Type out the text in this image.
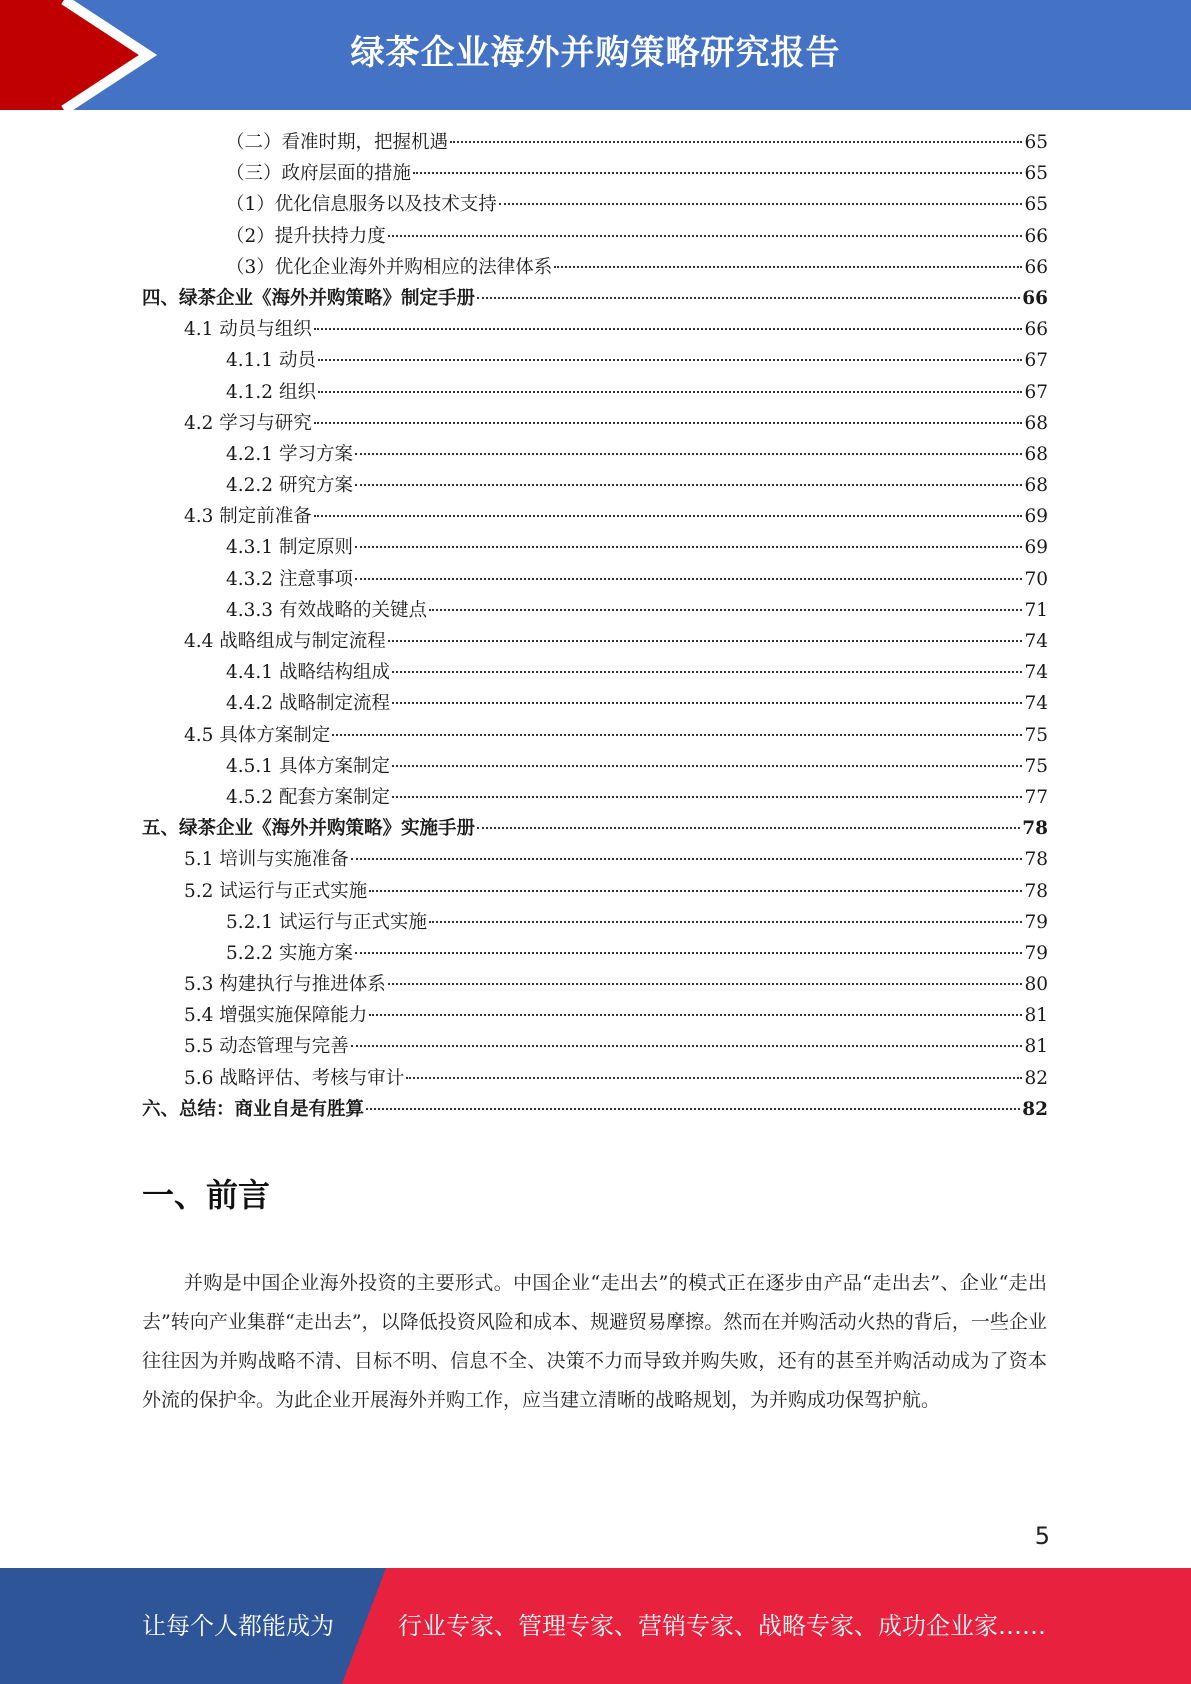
绿茶企业海外并购策略研究报告
（二）看准时期，把握机遇	65
（三）政府层面的措施	65
（1）优化信息服务以及技术支持	65
（2）提升扶持力度	66
（3）优化企业海外并购相应的法律体系	66
四、绿茶企业《海外并购策略》制定手册	66
4.1 动员与组织	66
4.1.1 动员	67
4.1.2 组织	67
4.2 学习与研究	68
4.2.1 学习方案	68
4.2.2 研究方案	68
4.3 制定前准备	69
4.3.1 制定原则	69
4.3.2 注意事项	70
4.3.3 有效战略的关键点	71
4.4 战略组成与制定流程	74
4.4.1 战略结构组成	74
4.4.2 战略制定流程	74
4.5 具体方案制定	75
4.5.1 具体方案制定	75
4.5.2 配套方案制定	77
五、绿茶企业《海外并购策略》实施手册	78
5.1 培训与实施准备	78
5.2 试运行与正式实施	78
5.2.1 试运行与正式实施	79
5.2.2 实施方案	79
5.3 构建执行与推进体系	80
5.4 增强实施保障能力	81
5.5 动态管理与完善	81
5.6 战略评估、考核与审计	82
六、总结：商业自是有胜算	82
一、前言

并购是中国企业海外投资的主要形式。中国企业“走出去”的模式正在逐步由产品“走出去”、企业“走出去”转向产业集群“走出去”，以降低投资风险和成本、规避贸易摩擦。然而在并购活动火热的背后，一些企业往往因为并购战略不清、目标不明、信息不全、决策不力而导致并购失败，还有的甚至并购活动成为了资本外流的保护伞。为此企业开展海外并购工作，应当建立清晰的战略规划，为并购成功保驾护航。

5
让每个人都能成为	行业专家、管理专家、营销专家、战略专家、成功企业家……
